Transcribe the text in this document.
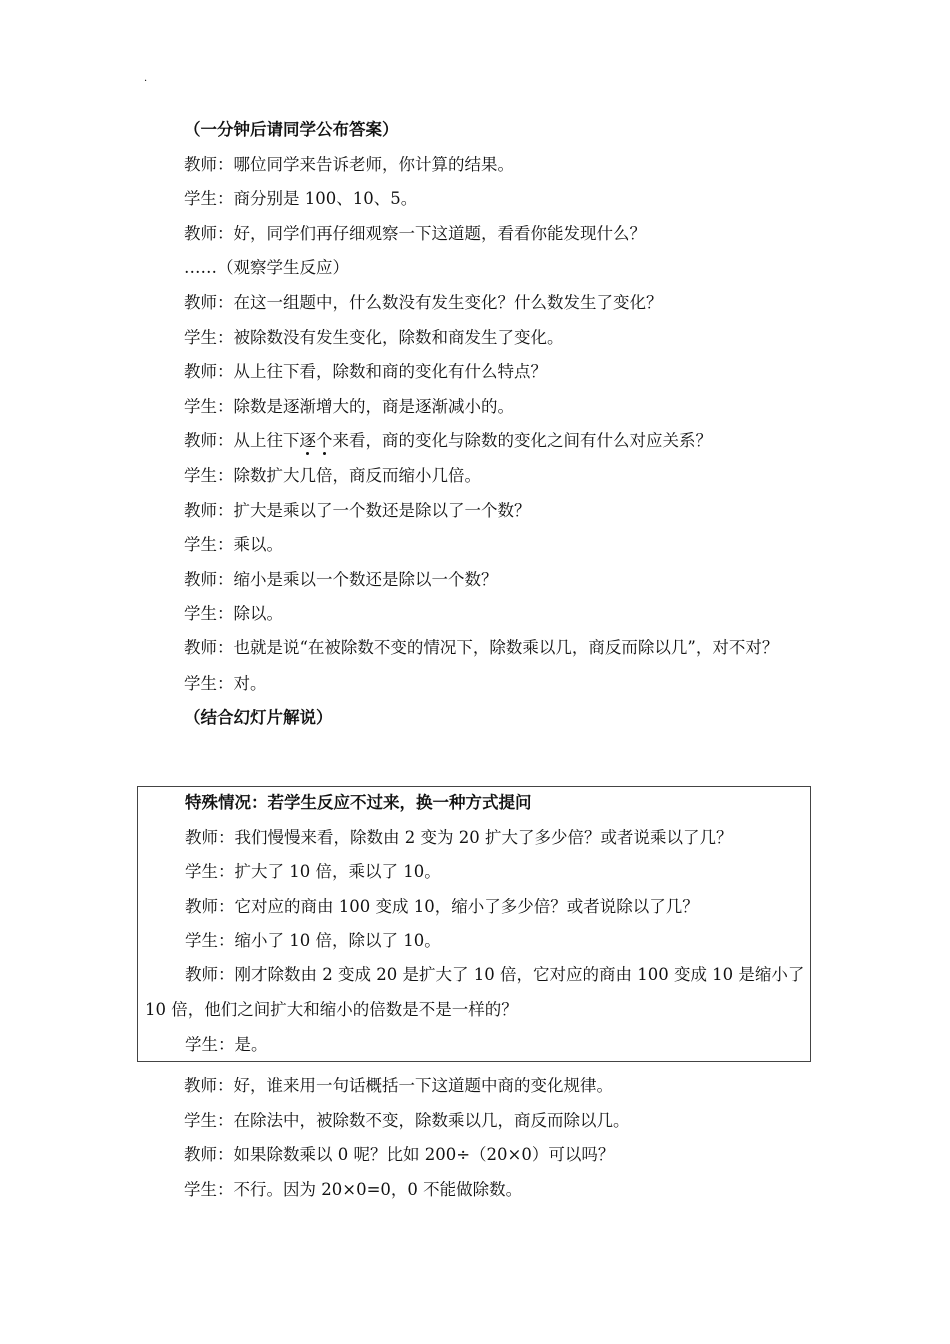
·

（一分钟后请同学公布答案）

教师：哪位同学来告诉老师，你计算的结果。

学生：商分别是 100、10、5。

教师：好，同学们再仔细观察一下这道题，看看你能发现什么？

……（观察学生反应）

教师：在这一组题中，什么数没有发生变化？什么数发生了变化？

学生：被除数没有发生变化，除数和商发生了变化。

教师：从上往下看，除数和商的变化有什么特点？

学生：除数是逐渐增大的，商是逐渐减小的。

教师：从上往下逐个来看，商的变化与除数的变化之间有什么对应关系？

学生：除数扩大几倍，商反而缩小几倍。

教师：扩大是乘以了一个数还是除以了一个数？

学生：乘以。

教师：缩小是乘以一个数还是除以一个数？

学生：除以。

教师：也就是说“在被除数不变的情况下，除数乘以几，商反而除以几”，对不对？

学生：对。

（结合幻灯片解说）

特殊情况：若学生反应不过来，换一种方式提问

教师：我们慢慢来看，除数由 2 变为 20 扩大了多少倍？或者说乘以了几？

学生：扩大了 10 倍，乘以了 10。

教师：它对应的商由 100 变成 10，缩小了多少倍？或者说除以了几？

学生：缩小了 10 倍，除以了 10。

教师：刚才除数由 2 变成 20 是扩大了 10 倍，它对应的商由 100 变成 10 是缩小了 10 倍，他们之间扩大和缩小的倍数是不是一样的？

学生：是。

教师：好，谁来用一句话概括一下这道题中商的变化规律。

学生：在除法中，被除数不变，除数乘以几，商反而除以几。

教师：如果除数乘以 0 呢？比如 200÷（20×0）可以吗？

学生：不行。因为 20×0=0，0 不能做除数。
